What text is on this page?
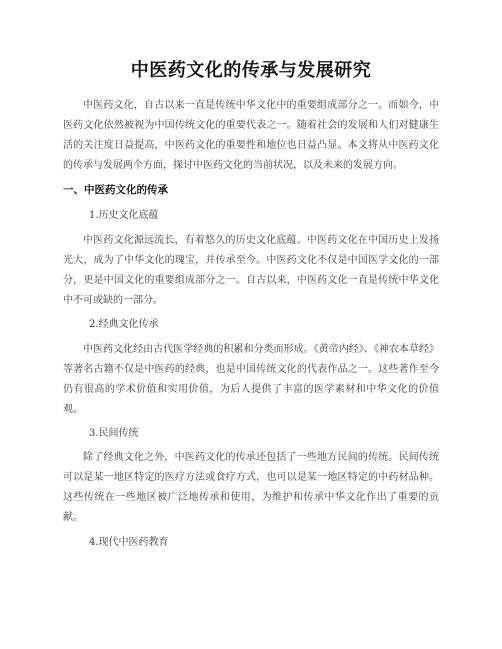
中医药文化的传承与发展研究

中医药文化，自古以来一直是传统中华文化中的重要组成部分之一。而如今，中医药文化依然被视为中国传统文化的重要代表之一。随着社会的发展和人们对健康生活的关注度日益提高，中医药文化的重要性和地位也日益凸显。本文将从中医药文化的传承与发展两个方面，探讨中医药文化的当前状况，以及未来的发展方向。

一、中医药文化的传承
1.历史文化底蕴

中医药文化源远流长，有着悠久的历史文化底蕴。中医药文化在中国历史上发扬光大，成为了中华文化的瑰宝，并传承至今。中医药文化不仅是中国医学文化的一部分，更是中国文化的重要组成部分之一。自古以来，中医药文化一直是传统中华文化中不可或缺的一部分。

2.经典文化传承

中医药文化经由古代医学经典的积累和分类而形成。《黄帝内经》、《神农本草经》等著名古籍不仅是中医药的经典，也是中国传统文化的代表作品之一。这些著作至今仍有很高的学术价值和实用价值，为后人提供了丰富的医学素材和中华文化的价值观。

3.民间传统

除了经典文化之外，中医药文化的传承还包括了一些地方民间的传统。民间传统可以是某一地区特定的医疗方法或食疗方式，也可以是某一地区特定的中药材品种。这些传统在一些地区被广泛地传承和使用，为维护和传承中华文化作出了重要的贡献。

4.现代中医药教育
